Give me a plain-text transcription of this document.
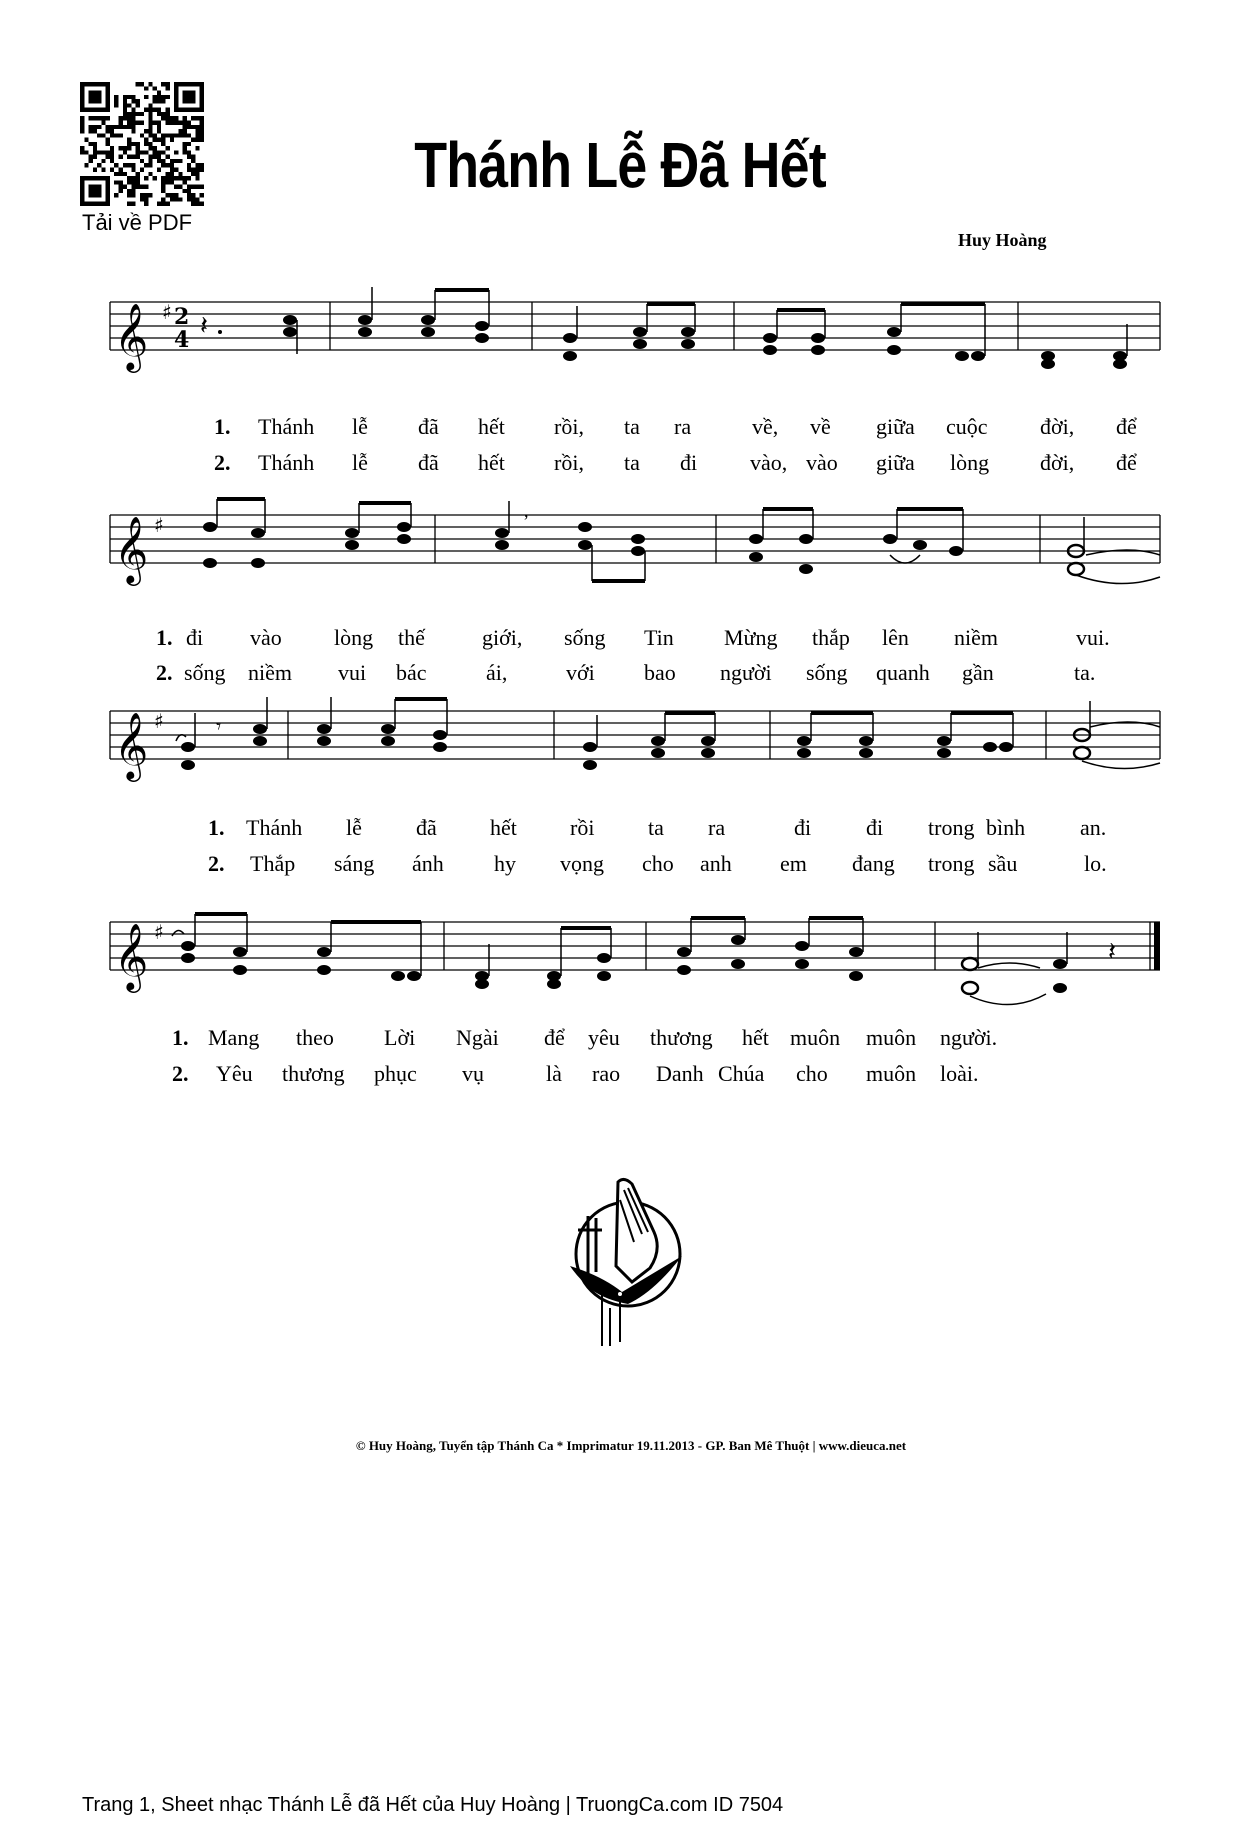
Tải về PDF
Thánh Lễ Đã Hết
Huy Hoàng
𝄞 ♯ 2
4 𝄽
1. Thánh lễ đã hết rồi, ta ra	về, về giữa cuộc đời, để
2. Thánh lễ đã hết rồi, ta đi vào, vào giữa lòng đời, để
𝄞 ♯
,
1. đi vào lòng thế	giới, sống Tin Mừng thắp lên niềm	vui.
2. sống niềm vui bác	ái,	với bao người sống quanh gần	ta.
𝄞 ♯	𝄾
1. Thánh lễ đã hết rồi ta ra	đi đi trong bình an.
2. Thắp sáng ánh hy vọng cho anh em đang trong sầu	lo.
𝄞 ♯
𝄽
1. Mang theo Lời Ngài để yêu thương hết muôn muôn người.
2. Yêu thương phục vụ	là rao Danh Chúa cho muôn loài.
© Huy Hoàng, Tuyển tập Thánh Ca * Imprimatur 19.11.2013 - GP. Ban Mê Thuột | www.dieuca.net
Trang 1, Sheet nhạc Thánh Lễ đã Hết của Huy Hoàng | TruongCa.com ID 7504
